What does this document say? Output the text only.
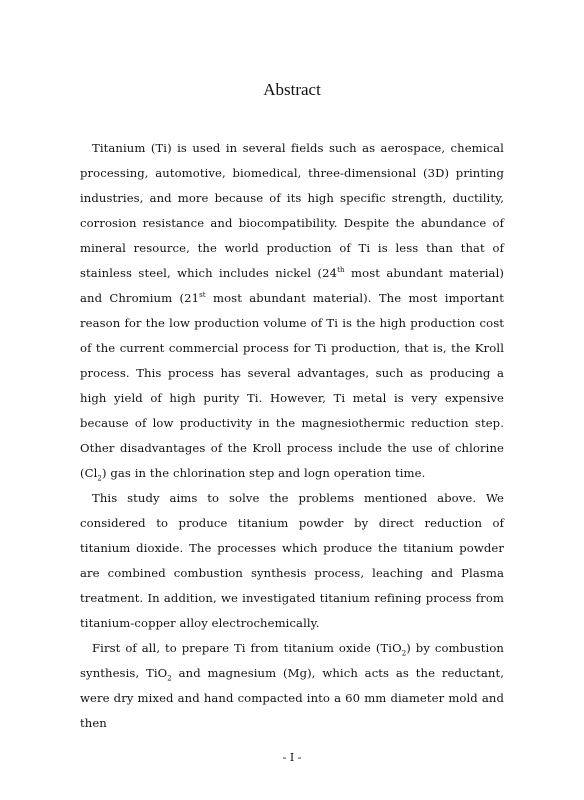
Abstract

Titanium (Ti) is used in several fields such as aerospace, chemical processing, automotive, biomedical, three-dimensional (3D) printing industries, and more because of its high specific strength, ductility, corrosion resistance and biocompatibility. Despite the abundance of mineral resource, the world production of Ti is less than that of stainless steel, which includes nickel (24th most abundant material) and Chromium (21st most abundant material). The most important reason for the low production volume of Ti is the high production cost of the current commercial process for Ti production, that is, the Kroll process. This process has several advantages, such as producing a high yield of high purity Ti. However, Ti metal is very expensive because of low productivity in the magnesiothermic reduction step. Other disadvantages of the Kroll process include the use of chlorine $(Cl_2)$ gas in the chlorination step and logn operation time.

This study aims to solve the problems mentioned above. We considered to produce titanium powder by direct reduction of titanium dioxide. The processes which produce the titanium powder are combined combustion synthesis process, leaching and Plasma treatment. In addition, we investigated titanium refining process from titanium-copper alloy electrochemically.

First of all, to prepare Ti from titanium oxide (TiO$_2$) by combustion synthesis, TiO$_2$ and magnesium (Mg), which acts as the reductant, were dry mixed and hand compacted into a 60 mm diameter mold and then

- I -
